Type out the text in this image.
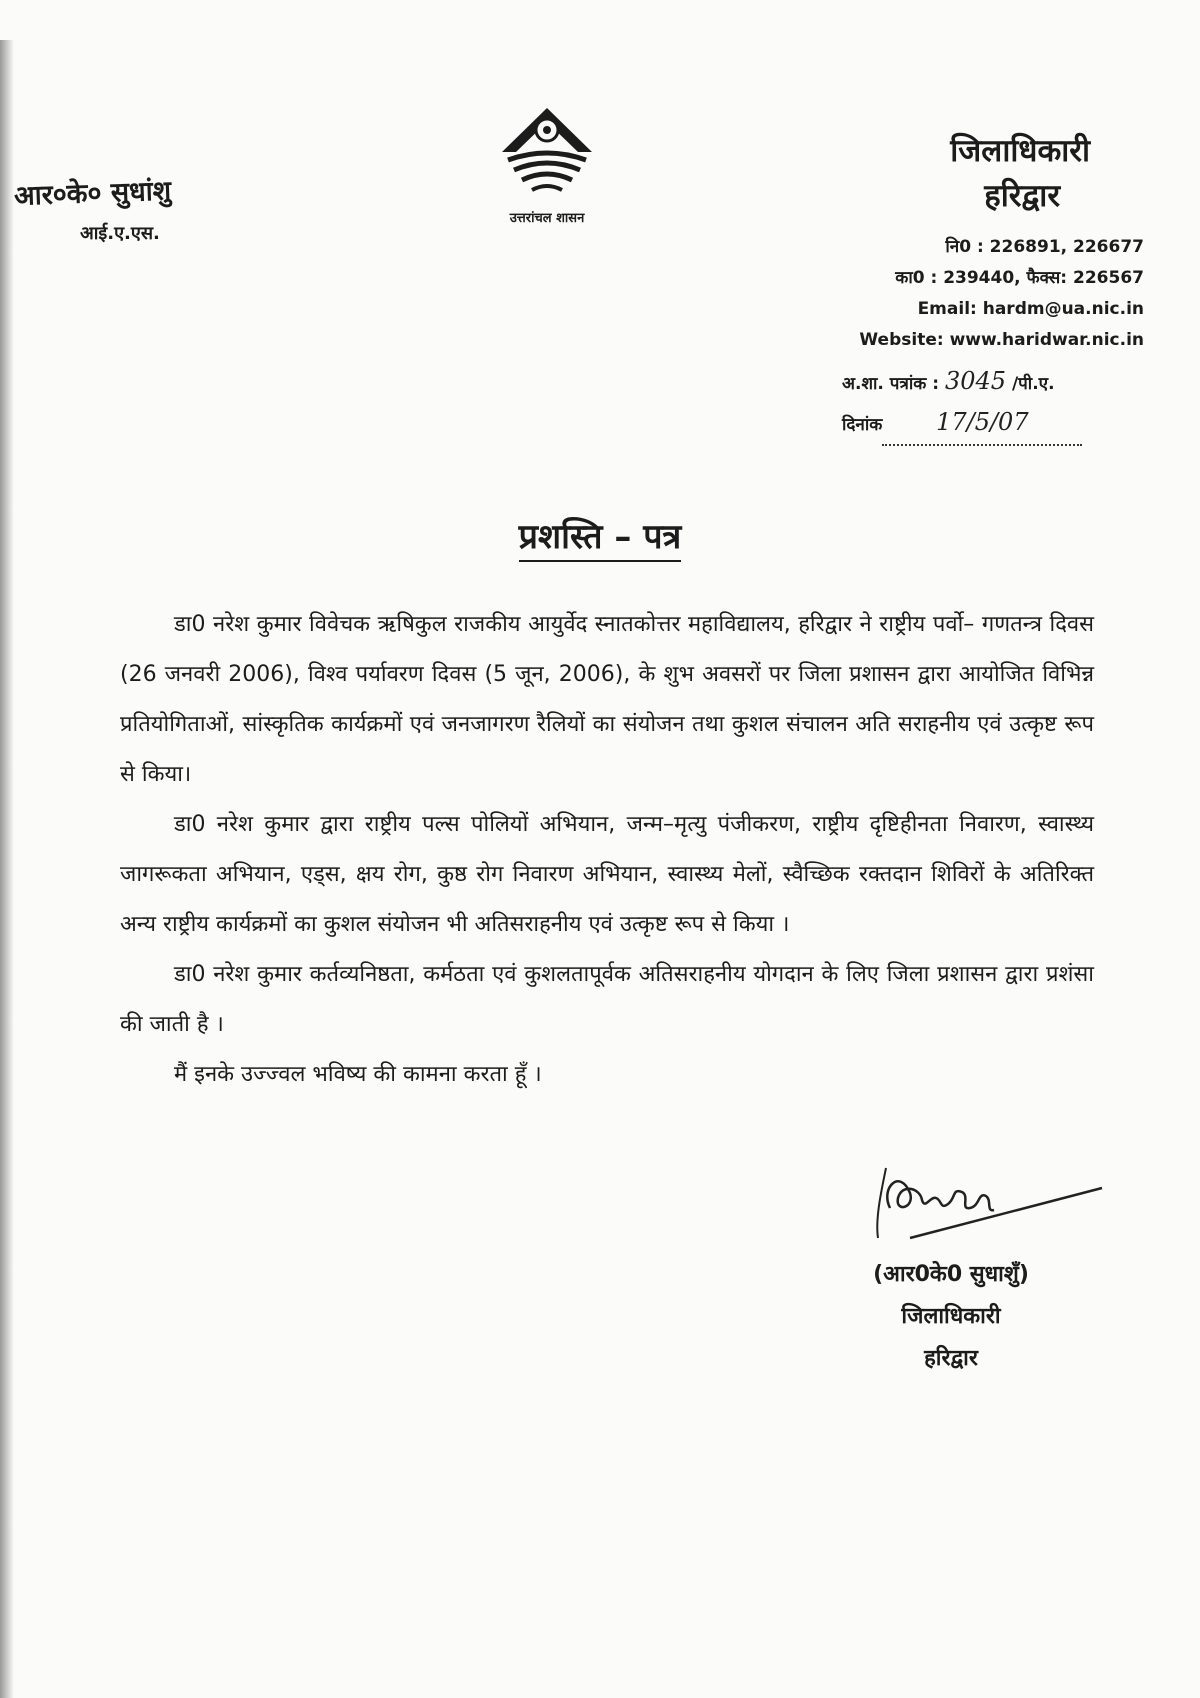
आर०के० सुधांशु
आई.ए.एस.
उत्तरांचल शासन
जिलाधिकारी
हरिद्वार
नि0 : 226891, 226677
का0 : 239440, फैक्स: 226567
Email: hardm@ua.nic.in
Website: www.haridwar.nic.in
अ.शा. पत्रांक : 3045 /पी.ए.
दिनांक 17/5/07
प्रशस्ति – पत्र

डा0 नरेश कुमार विवेचक ऋषिकुल राजकीय आयुर्वेद स्नातकोत्तर महाविद्यालय, हरिद्वार ने राष्ट्रीय पर्वो– गणतन्त्र दिवस (26 जनवरी 2006), विश्व पर्यावरण दिवस (5 जून, 2006), के शुभ अवसरों पर जिला प्रशासन द्वारा आयोजित विभिन्न प्रतियोगिताओं, सांस्कृतिक कार्यक्रमों एवं जनजागरण रैलियों का संयोजन तथा कुशल संचालन अति सराहनीय एवं उत्कृष्ट रूप से किया।

डा0 नरेश कुमार द्वारा राष्ट्रीय पल्स पोलियों अभियान, जन्म–मृत्यु पंजीकरण, राष्ट्रीय दृष्टिहीनता निवारण, स्वास्थ्य जागरूकता अभियान, एड्स, क्षय रोग, कुष्ठ रोग निवारण अभियान, स्वास्थ्य मेलों, स्वैच्छिक रक्तदान शिविरों के अतिरिक्त अन्य राष्ट्रीय कार्यक्रमों का कुशल संयोजन भी अतिसराहनीय एवं उत्कृष्ट रूप से किया ।

डा0 नरेश कुमार कर्तव्यनिष्ठता, कर्मठता एवं कुशलतापूर्वक अतिसराहनीय योगदान के लिए जिला प्रशासन द्वारा प्रशंसा की जाती है ।

मैं इनके उज्ज्वल भविष्य की कामना करता हूँ ।

(आर0के0 सुधाशुँ)
जिलाधिकारी
हरिद्वार
